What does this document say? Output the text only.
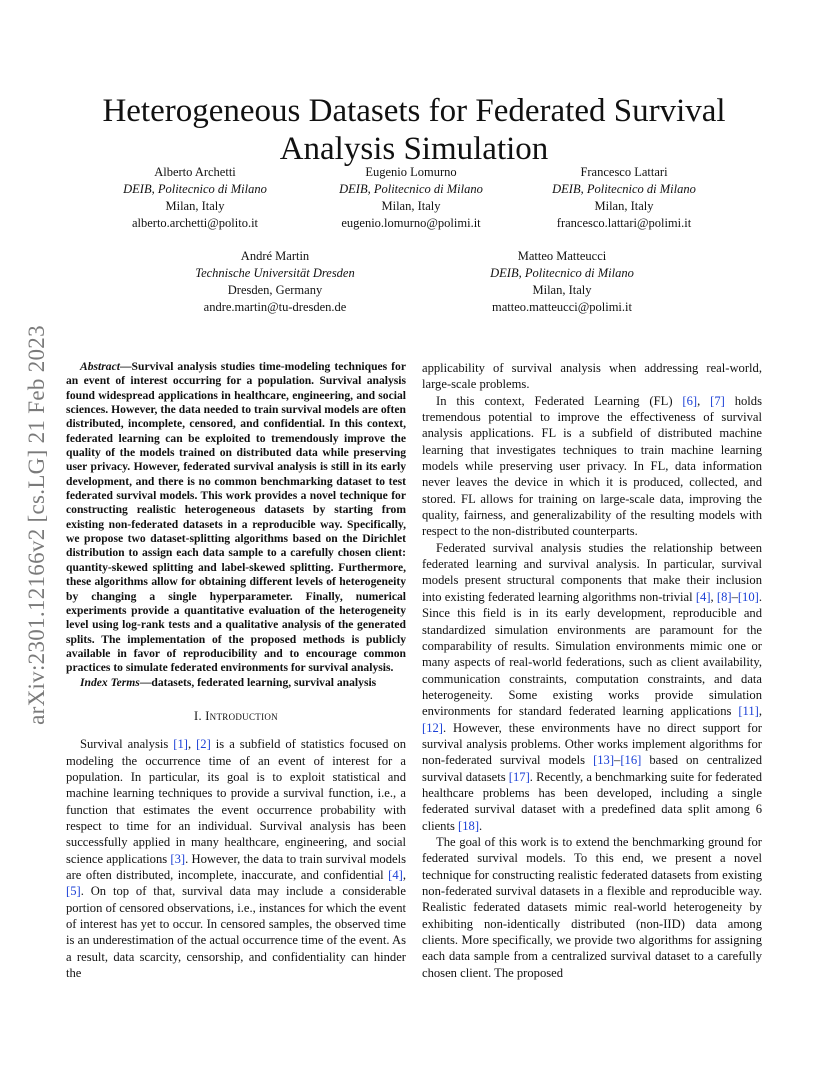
arXiv:2301.12166v2 [cs.LG] 21 Feb 2023
Heterogeneous Datasets for Federated Survival Analysis Simulation
Alberto Archetti
DEIB, Politecnico di Milano
Milan, Italy
alberto.archetti@polito.it
Eugenio Lomurno
DEIB, Politecnico di Milano
Milan, Italy
eugenio.lomurno@polimi.it
Francesco Lattari
DEIB, Politecnico di Milano
Milan, Italy
francesco.lattari@polimi.it
André Martin
Technische Universität Dresden
Dresden, Germany
andre.martin@tu-dresden.de
Matteo Matteucci
DEIB, Politecnico di Milano
Milan, Italy
matteo.matteucci@polimi.it

Abstract—Survival analysis studies time-modeling techniques for an event of interest occurring for a population. Survival analysis found widespread applications in healthcare, engineering, and social sciences. However, the data needed to train survival models are often distributed, incomplete, censored, and confidential. In this context, federated learning can be exploited to tremendously improve the quality of the models trained on distributed data while preserving user privacy. However, federated survival analysis is still in its early development, and there is no common benchmarking dataset to test federated survival models. This work provides a novel technique for constructing realistic heterogeneous datasets by starting from existing non-federated datasets in a reproducible way. Specifically, we propose two dataset-splitting algorithms based on the Dirichlet distribution to assign each data sample to a carefully chosen client: quantity-skewed splitting and label-skewed splitting. Furthermore, these algorithms allow for obtaining different levels of heterogeneity by changing a single hyperparameter. Finally, numerical experiments provide a quantitative evaluation of the heterogeneity level using log-rank tests and a qualitative analysis of the generated splits. The implementation of the proposed methods is publicly available in favor of reproducibility and to encourage common practices to simulate federated environments for survival analysis.

Index Terms—datasets, federated learning, survival analysis

I. Introduction

Survival analysis [1], [2] is a subfield of statistics focused on modeling the occurrence time of an event of interest for a population. In particular, its goal is to exploit statistical and machine learning techniques to provide a survival function, i.e., a function that estimates the event occurrence probability with respect to time for an individual. Survival analysis has been successfully applied in many healthcare, engineering, and social science applications [3]. However, the data to train survival models are often distributed, incomplete, inaccurate, and confidential [4], [5]. On top of that, survival data may include a considerable portion of censored observations, i.e., instances for which the event of interest has yet to occur. In censored samples, the observed time is an underestimation of the actual occurrence time of the event. As a result, data scarcity, censorship, and confidentiality can hinder the

applicability of survival analysis when addressing real-world, large-scale problems.

In this context, Federated Learning (FL) [6], [7] holds tremendous potential to improve the effectiveness of survival analysis applications. FL is a subfield of distributed machine learning that investigates techniques to train machine learning models while preserving user privacy. In FL, data information never leaves the device in which it is produced, collected, and stored. FL allows for training on large-scale data, improving the quality, fairness, and generalizability of the resulting models with respect to the non-distributed counterparts.

Federated survival analysis studies the relationship between federated learning and survival analysis. In particular, survival models present structural components that make their inclusion into existing federated learning algorithms non-trivial [4], [8]–[10]. Since this field is in its early development, reproducible and standardized simulation environments are paramount for the comparability of results. Simulation environments mimic one or many aspects of real-world federations, such as client availability, communication constraints, computation constraints, and data heterogeneity. Some existing works provide simulation environments for standard federated learning applications [11], [12]. However, these environments have no direct support for survival analysis problems. Other works implement algorithms for non-federated survival models [13]–[16] based on centralized survival datasets [17]. Recently, a benchmarking suite for federated healthcare problems has been developed, including a single federated survival dataset with a predefined data split among 6 clients [18].

The goal of this work is to extend the benchmarking ground for federated survival models. To this end, we present a novel technique for constructing realistic federated datasets from existing non-federated survival datasets in a flexible and reproducible way. Realistic federated datasets mimic real-world heterogeneity by exhibiting non-identically distributed (non-IID) data among clients. More specifically, we provide two algorithms for assigning each data sample from a centralized survival dataset to a carefully chosen client. The proposed
